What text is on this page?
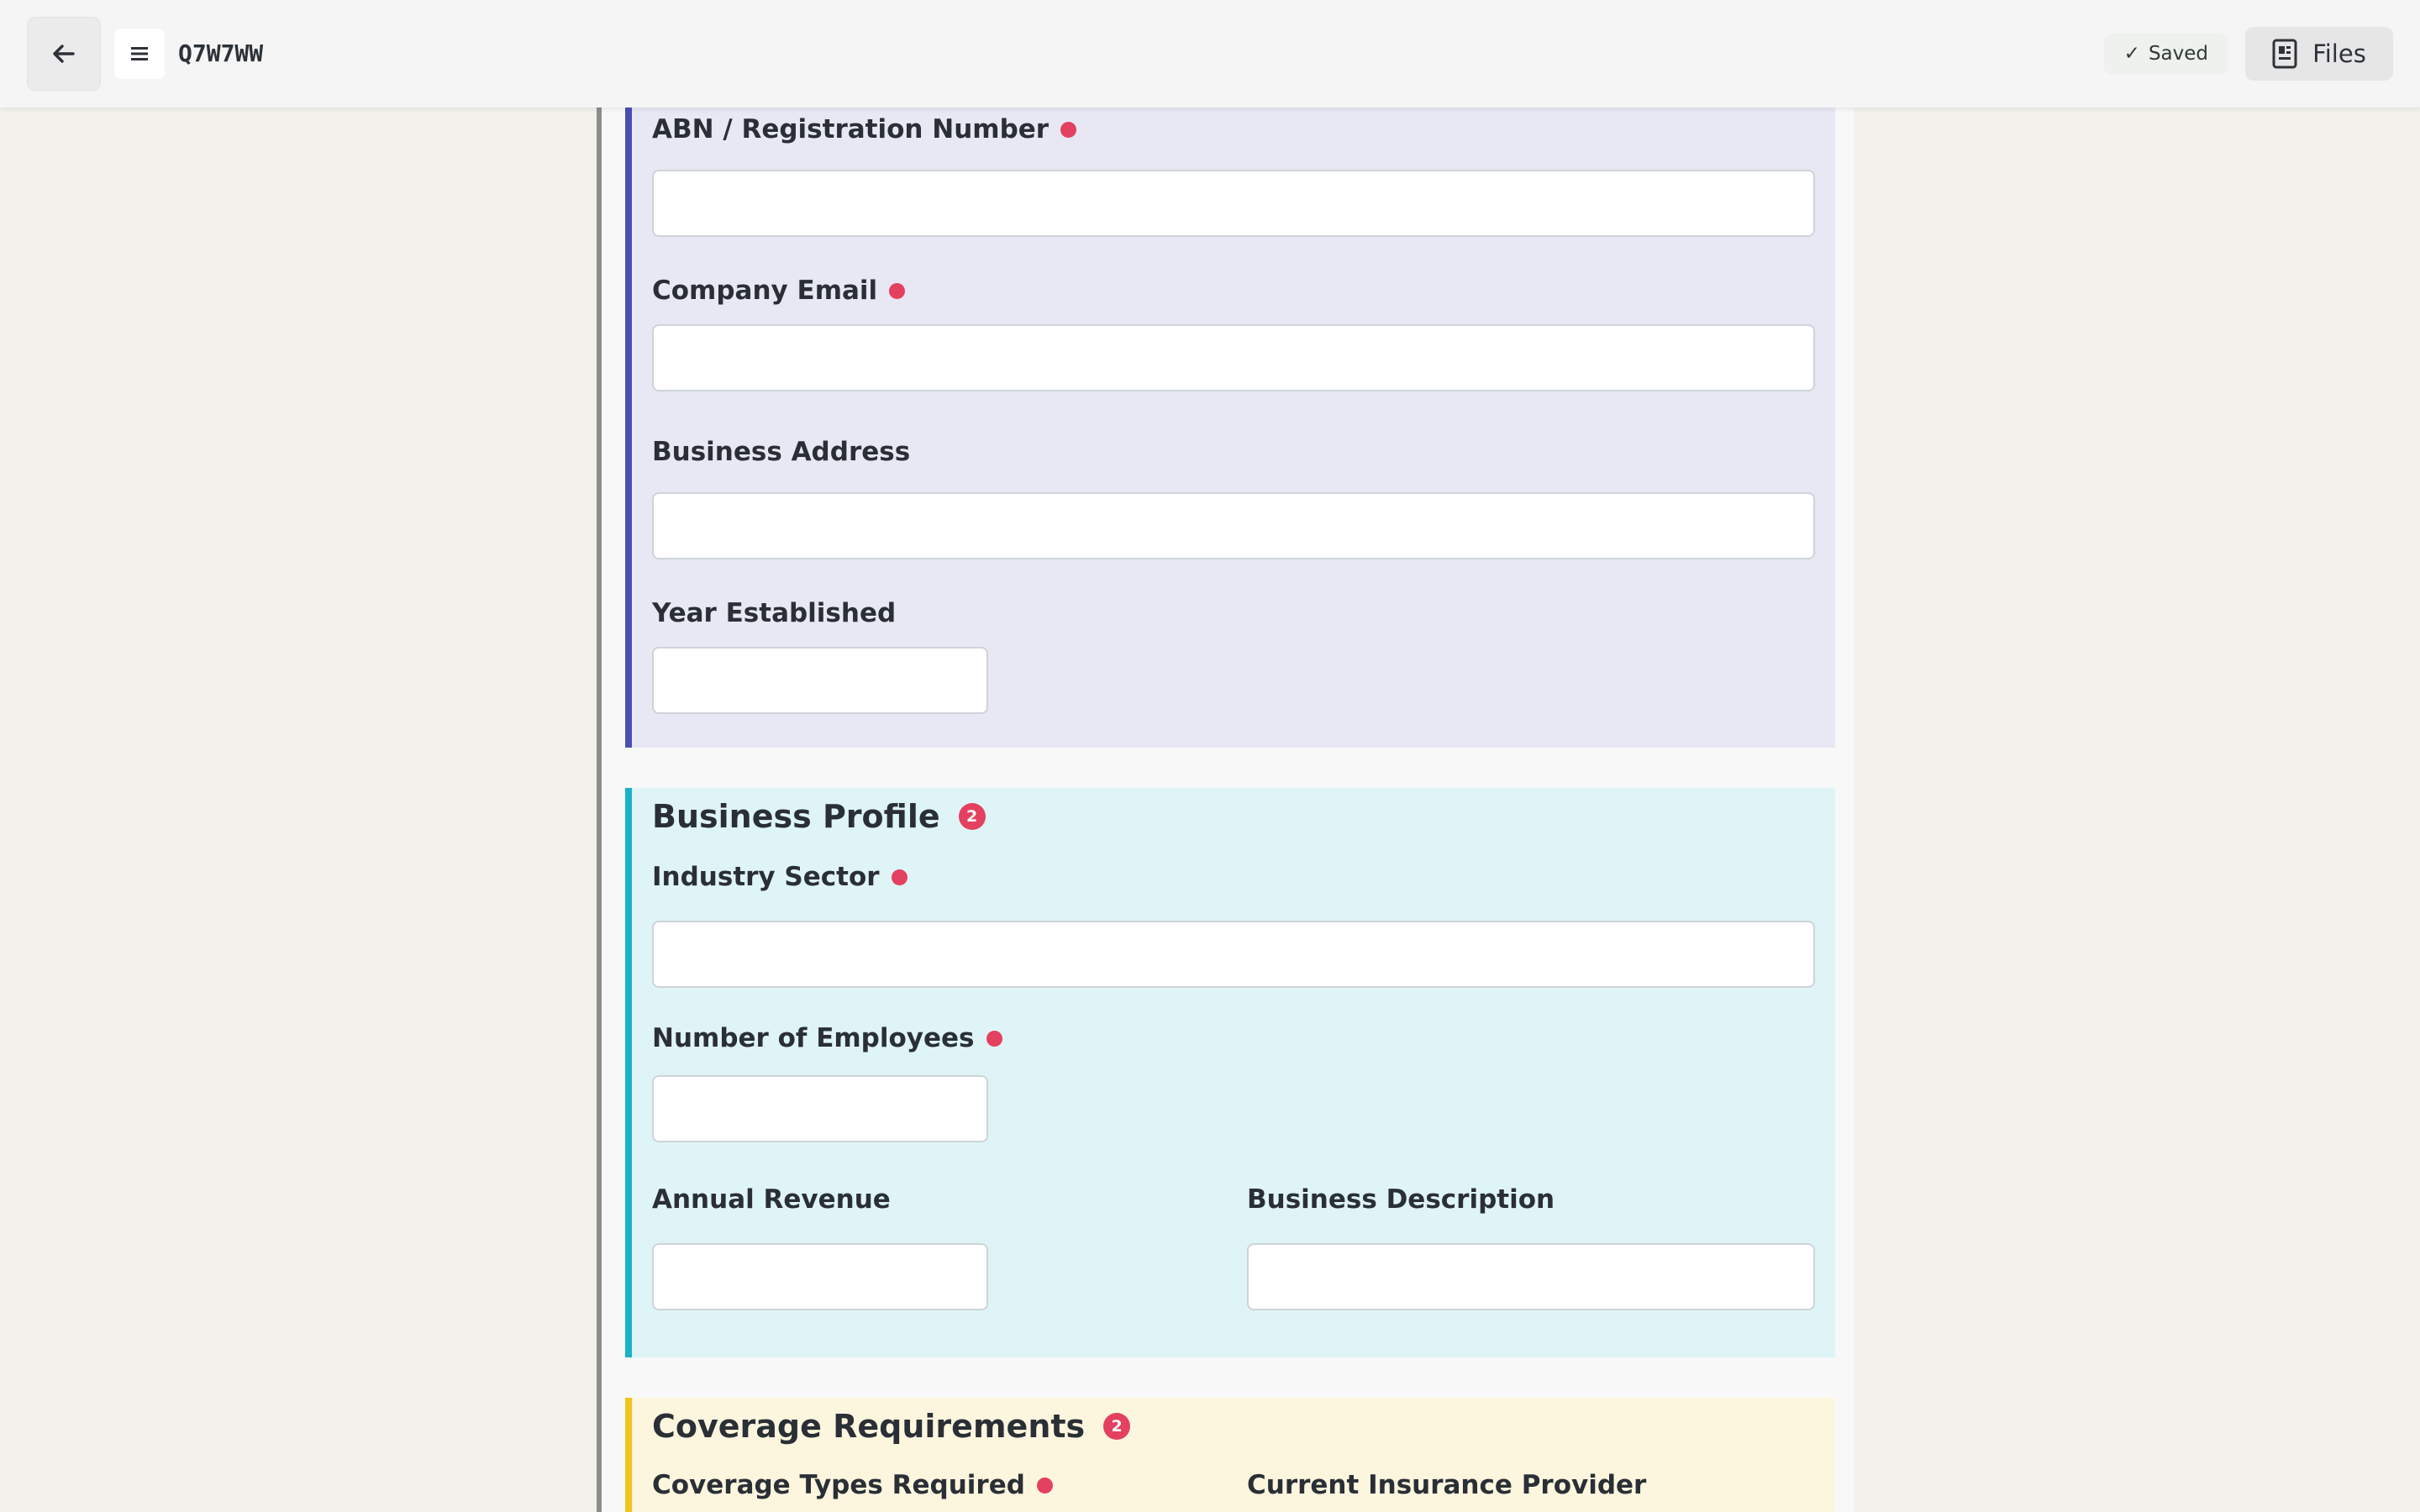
Q7W7WW	✓ Saved	Files
ABN / Registration Number
Company Email
Business Address
Year Established
Business Profile	2
Industry Sector
Number of Employees
Annual Revenue	Business Description
Coverage Requirements	2
Coverage Types Required	Current Insurance Provider
